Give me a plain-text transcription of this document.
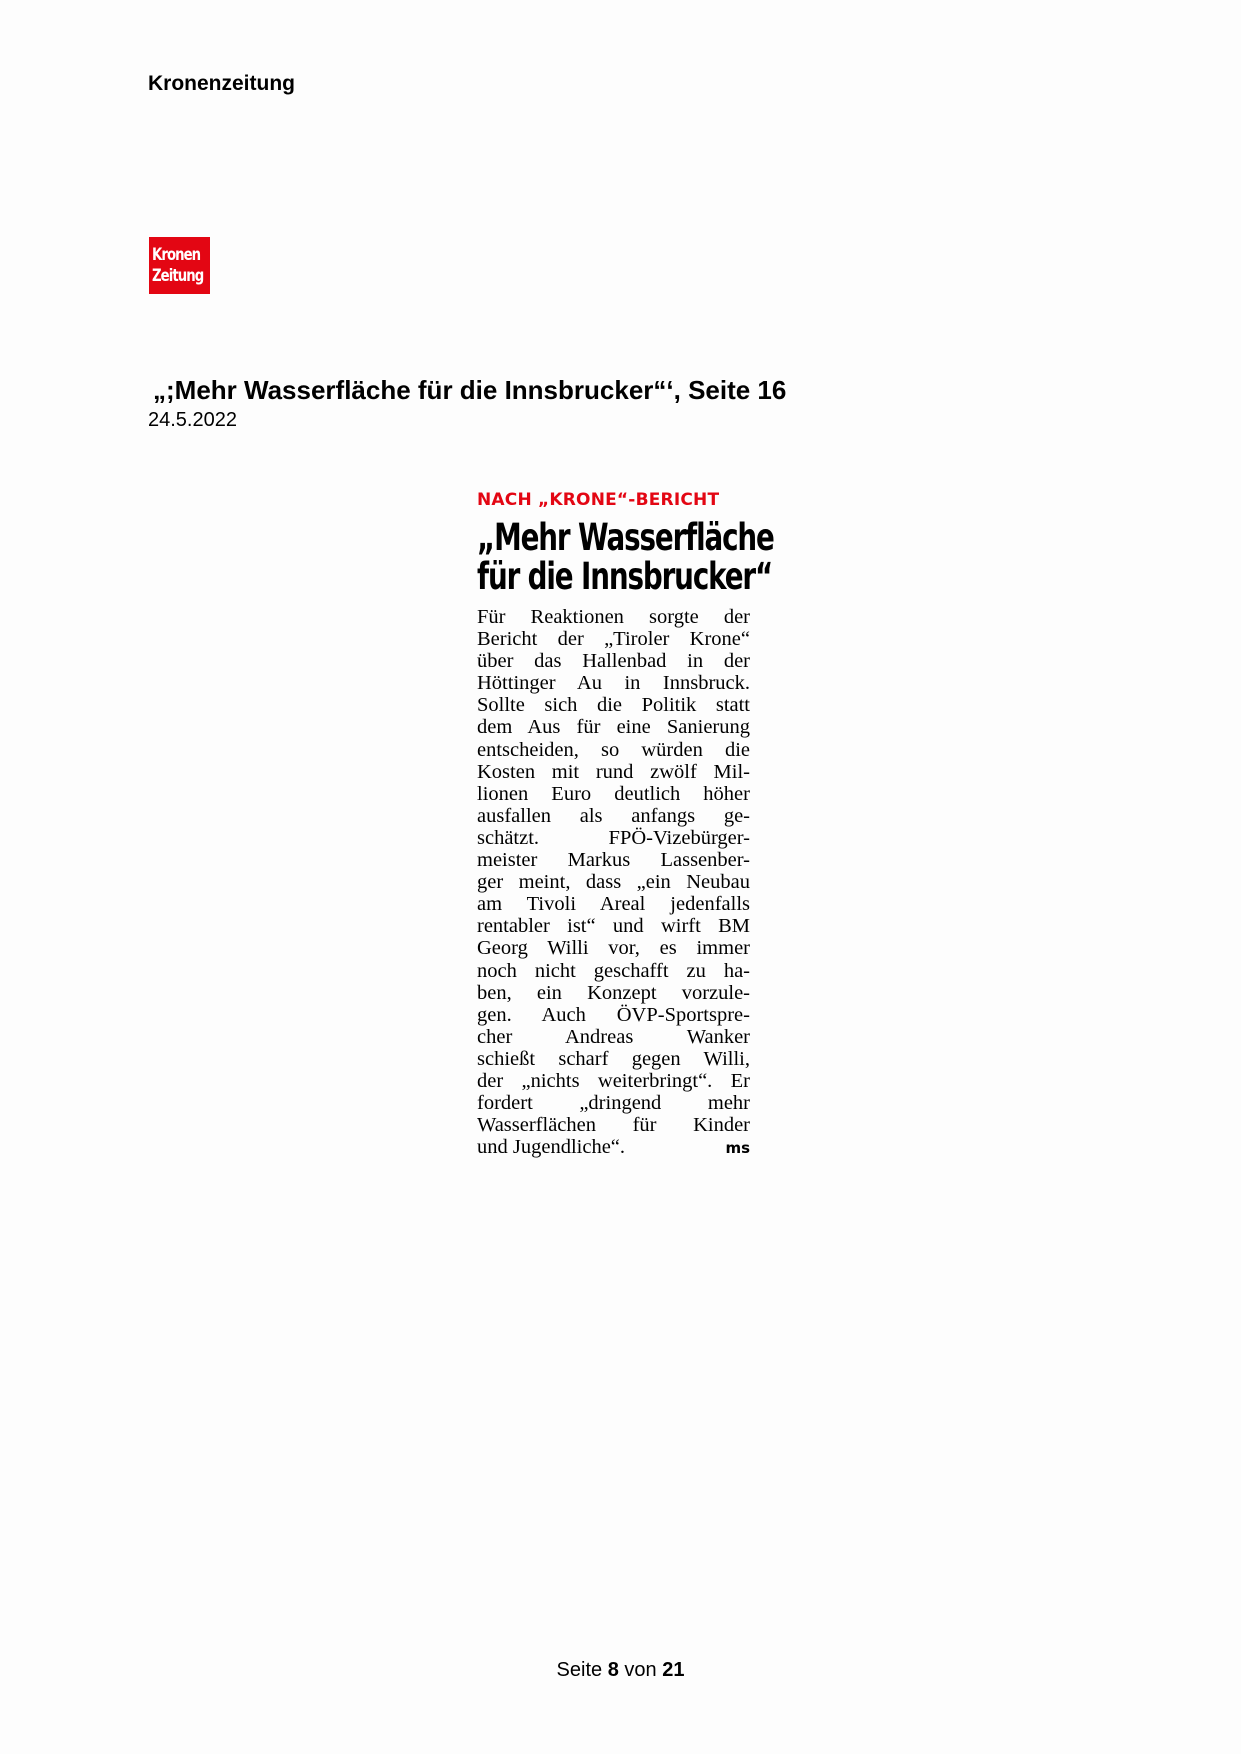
Kronenzeitung

Kronen
Zeitung
„;Mehr Wasserfläche für die Innsbrucker“‘, Seite 16

24.5.2022

NACH „KRONE“-BERICHT

„Mehr Wasserfläche
für die Innsbrucker“
Für Reaktionen sorgte der
Bericht der „Tiroler Krone“
über das Hallenbad in der
Höttinger Au in Innsbruck.
Sollte sich die Politik statt
dem Aus für eine Sanierung
entscheiden, so würden die
Kosten mit rund zwölf Mil-
lionen Euro deutlich höher
ausfallen als anfangs ge-
schätzt. FPÖ-Vizebürger-
meister Markus Lassenber-
ger meint, dass „ein Neubau
am Tivoli Areal jedenfalls
rentabler ist“ und wirft BM
Georg Willi vor, es immer
noch nicht geschafft zu ha-
ben, ein Konzept vorzule-
gen. Auch ÖVP-Sportspre-
cher Andreas Wanker
schießt scharf gegen Willi,
der „nichts weiterbringt“. Er
fordert „dringend mehr
Wasserflächen für Kinder
und Jugendliche“.	ms

Seite 8 von 21
